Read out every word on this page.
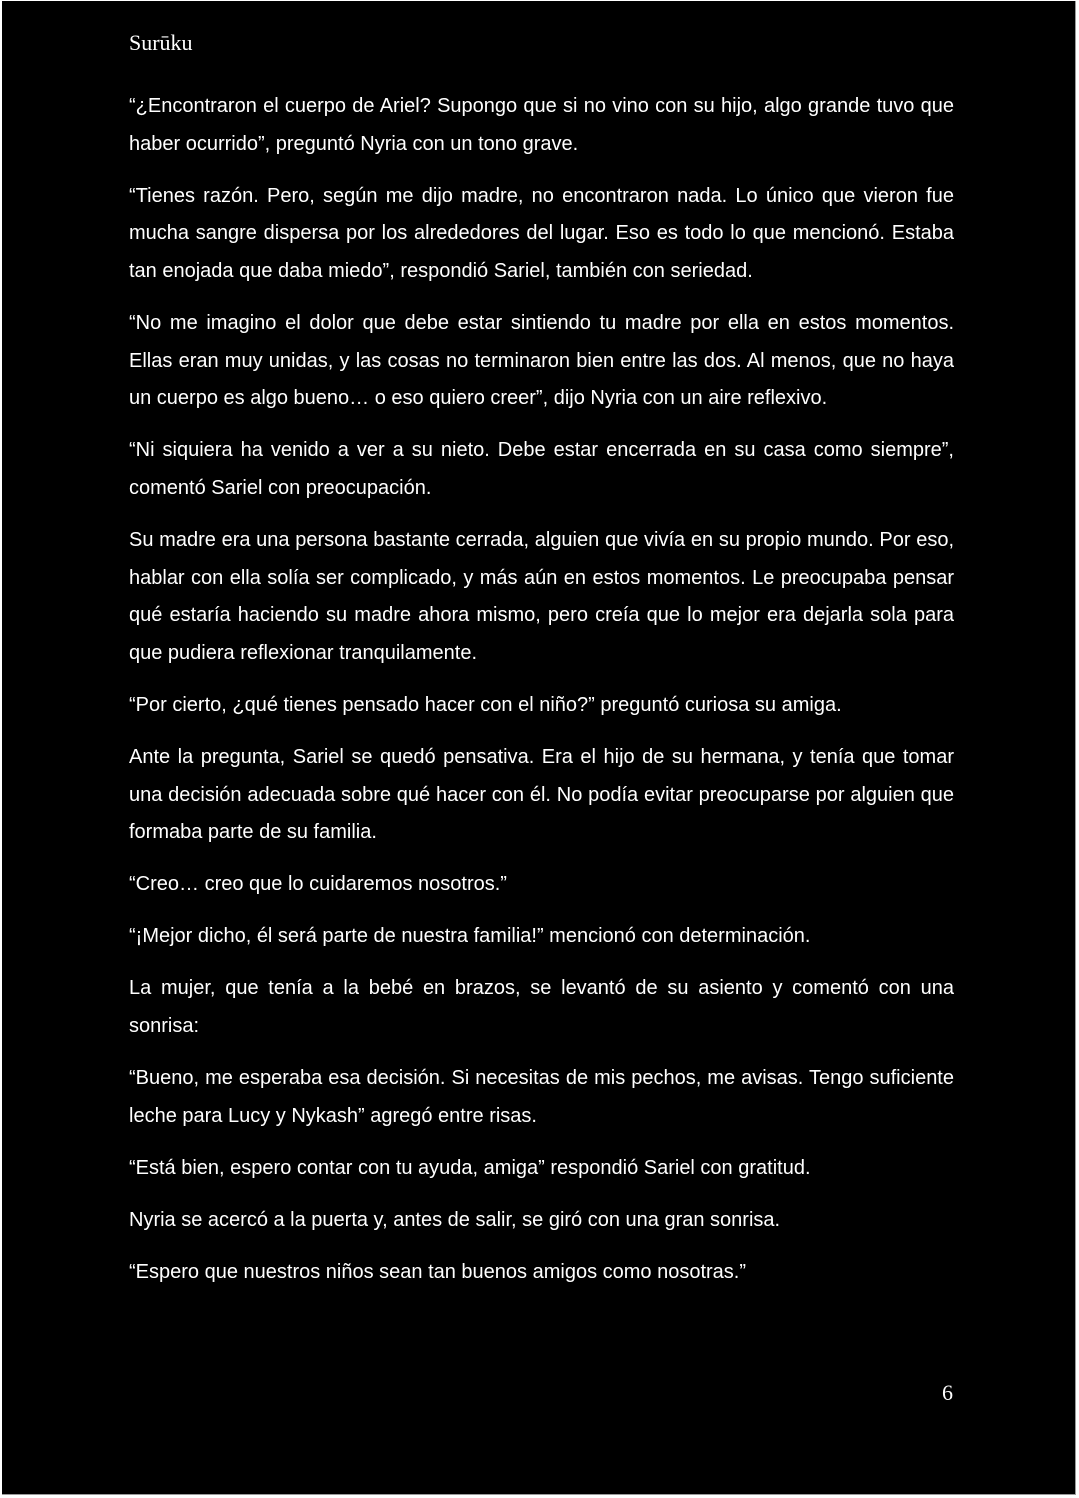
Surūku

“¿Encontraron el cuerpo de Ariel? Supongo que si no vino con su hijo, algo grande tuvo que haber ocurrido”, preguntó Nyria con un tono grave.

“Tienes razón. Pero, según me dijo madre, no encontraron nada. Lo único que vieron fue mucha sangre dispersa por los alrededores del lugar. Eso es todo lo que mencionó. Estaba tan enojada que daba miedo”, respondió Sariel, también con seriedad.

“No me imagino el dolor que debe estar sintiendo tu madre por ella en estos momentos. Ellas eran muy unidas, y las cosas no terminaron bien entre las dos. Al menos, que no haya un cuerpo es algo bueno… o eso quiero creer”, dijo Nyria con un aire reflexivo.

“Ni siquiera ha venido a ver a su nieto. Debe estar encerrada en su casa como siempre”, comentó Sariel con preocupación.

Su madre era una persona bastante cerrada, alguien que vivía en su propio mundo. Por eso, hablar con ella solía ser complicado, y más aún en estos momentos. Le preocupaba pensar qué estaría haciendo su madre ahora mismo, pero creía que lo mejor era dejarla sola para que pudiera reflexionar tranquilamente.

“Por cierto, ¿qué tienes pensado hacer con el niño?” preguntó curiosa su amiga.

Ante la pregunta, Sariel se quedó pensativa. Era el hijo de su hermana, y tenía que tomar una decisión adecuada sobre qué hacer con él. No podía evitar preocuparse por alguien que formaba parte de su familia.

“Creo… creo que lo cuidaremos nosotros.”

“¡Mejor dicho, él será parte de nuestra familia!” mencionó con determinación.

La mujer, que tenía a la bebé en brazos, se levantó de su asiento y comentó con una sonrisa:

“Bueno, me esperaba esa decisión. Si necesitas de mis pechos, me avisas. Tengo suficiente leche para Lucy y Nykash” agregó entre risas.

“Está bien, espero contar con tu ayuda, amiga” respondió Sariel con gratitud.

Nyria se acercó a la puerta y, antes de salir, se giró con una gran sonrisa.

“Espero que nuestros niños sean tan buenos amigos como nosotras.”

6
